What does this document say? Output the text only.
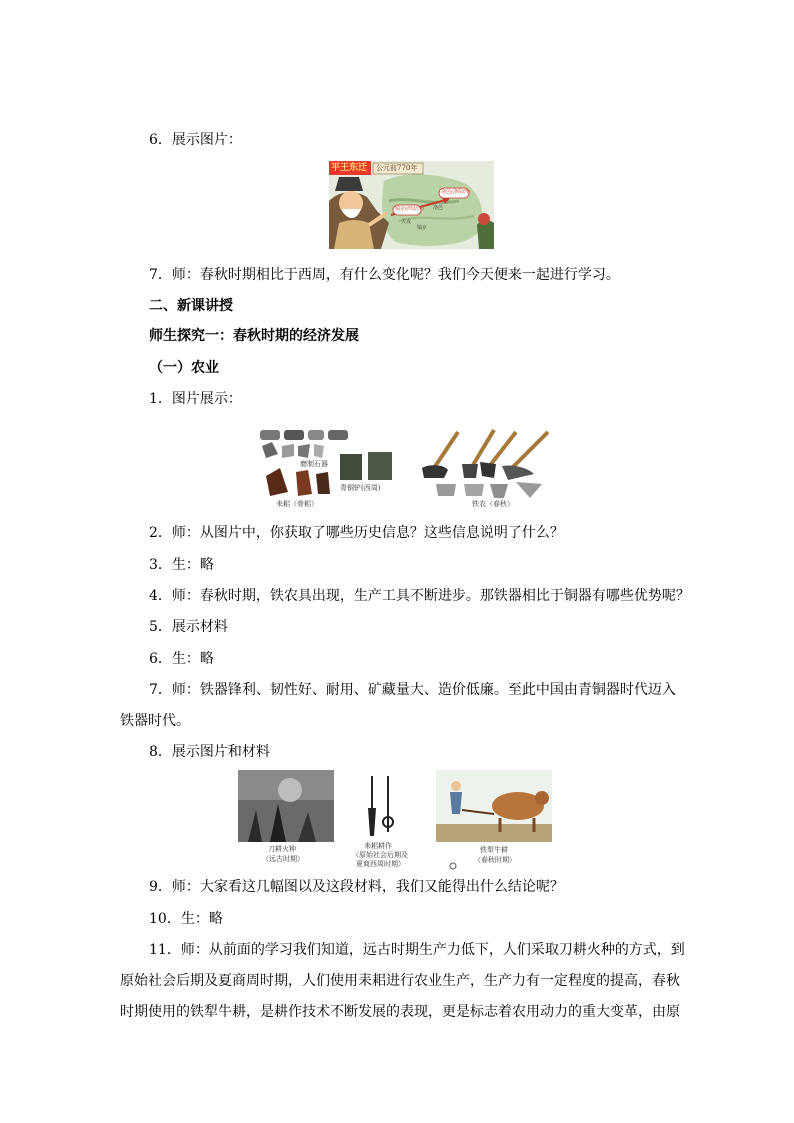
6．展示图片：
平王东迁 公元前770年
镐京(西安西)
洛邑(洛阳西)
犬戎
洛邑
镐京
7．师：春秋时期相比于西周，有什么变化呢？我们今天便来一起进行学习。
二、新课讲授
师生探究一：春秋时期的经济发展
（一）农业
1．图片展示：
磨制石器
耒耜（骨耜）
青铜铲(西周)
铁农（春秋）
2．师：从图片中，你获取了哪些历史信息？这些信息说明了什么？
3．生：略
4．师：春秋时期，铁农具出现，生产工具不断进步。那铁器相比于铜器有哪些优势呢？
5．展示材料
6．生：略
7．师：铁器锋利、韧性好、耐用、矿藏量大、造价低廉。至此中国由青铜器时代迈入
铁器时代。
8．展示图片和材料
刀耕火种
（远古时期）
耒耜耕作
（原始社会后期及
夏商西周时期）
铁犁牛耕
（春秋时期）
9．师：大家看这几幅图以及这段材料，我们又能得出什么结论呢？
10．生：略
11．师：从前面的学习我们知道，远古时期生产力低下，人们采取刀耕火种的方式，到
原始社会后期及夏商周时期，人们使用耒耜进行农业生产，生产力有一定程度的提高，春秋
时期使用的铁犁牛耕，是耕作技术不断发展的表现，更是标志着农用动力的重大变革，由原
